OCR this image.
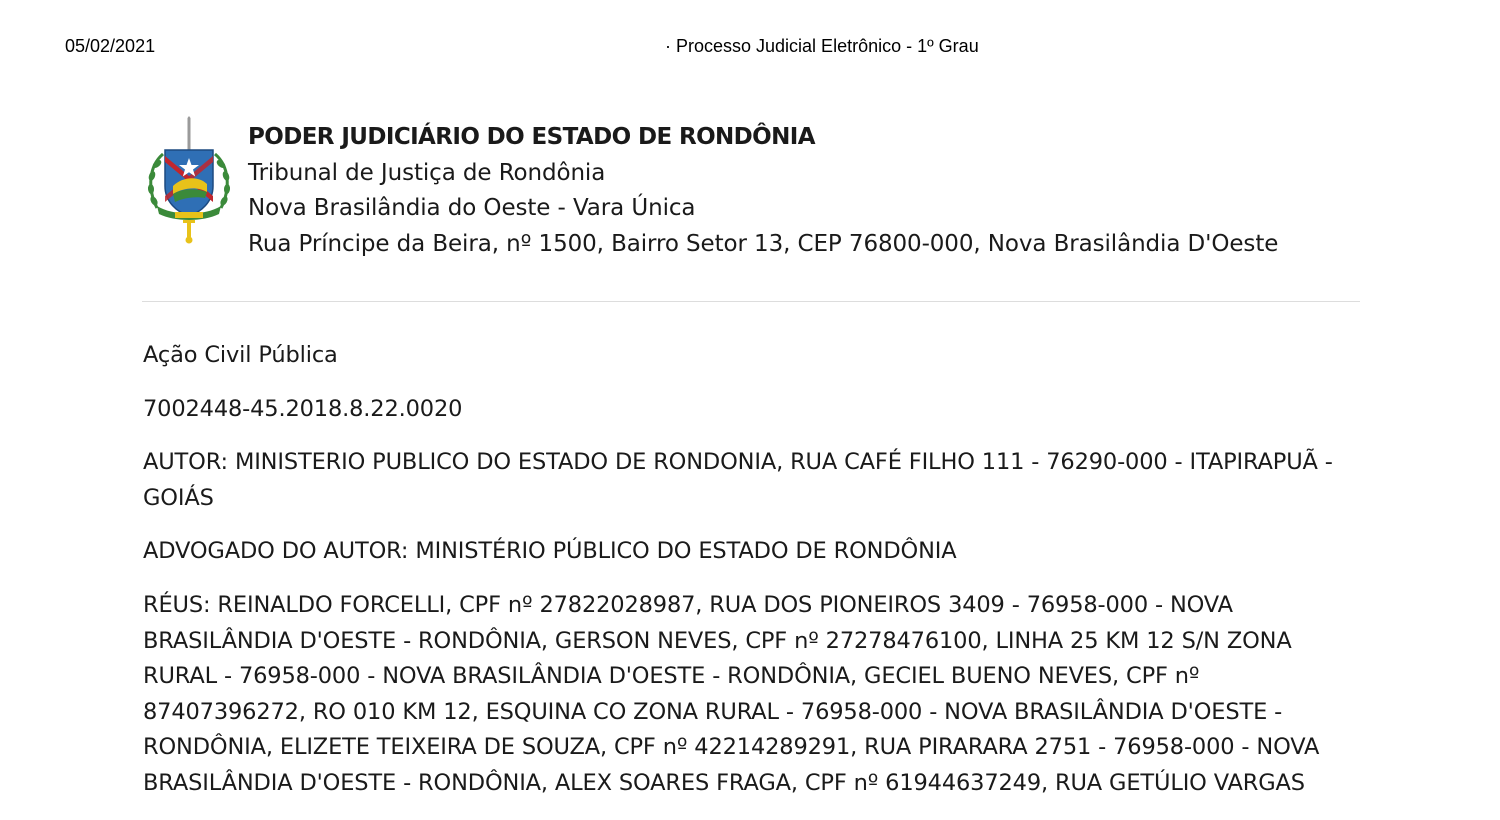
05/02/2021	· Processo Judicial Eletrônico - 1º Grau
PODER JUDICIÁRIO DO ESTADO DE RONDÔNIA
Tribunal de Justiça de Rondônia
Nova Brasilândia do Oeste - Vara Única
Rua Príncipe da Beira, nº 1500, Bairro Setor 13, CEP 76800-000, Nova Brasilândia D'Oeste

Ação Civil Pública

7002448-45.2018.8.22.0020

AUTOR: MINISTERIO PUBLICO DO ESTADO DE RONDONIA, RUA CAFÉ FILHO 111 - 76290-000 - ITAPIRAPUÃ - GOIÁS

ADVOGADO DO AUTOR: MINISTÉRIO PÚBLICO DO ESTADO DE RONDÔNIA

RÉUS: REINALDO FORCELLI, CPF nº 27822028987, RUA DOS PIONEIROS 3409 - 76958-000 - NOVA BRASILÂNDIA D'OESTE - RONDÔNIA, GERSON NEVES, CPF nº 27278476100, LINHA 25 KM 12 S/N ZONA RURAL - 76958-000 - NOVA BRASILÂNDIA D'OESTE - RONDÔNIA, GECIEL BUENO NEVES, CPF nº 87407396272, RO 010 KM 12, ESQUINA CO ZONA RURAL - 76958-000 - NOVA BRASILÂNDIA D'OESTE - RONDÔNIA, ELIZETE TEIXEIRA DE SOUZA, CPF nº 42214289291, RUA PIRARARA 2751 - 76958-000 - NOVA BRASILÂNDIA D'OESTE - RONDÔNIA, ALEX SOARES FRAGA, CPF nº 61944637249, RUA GETÚLIO VARGAS
